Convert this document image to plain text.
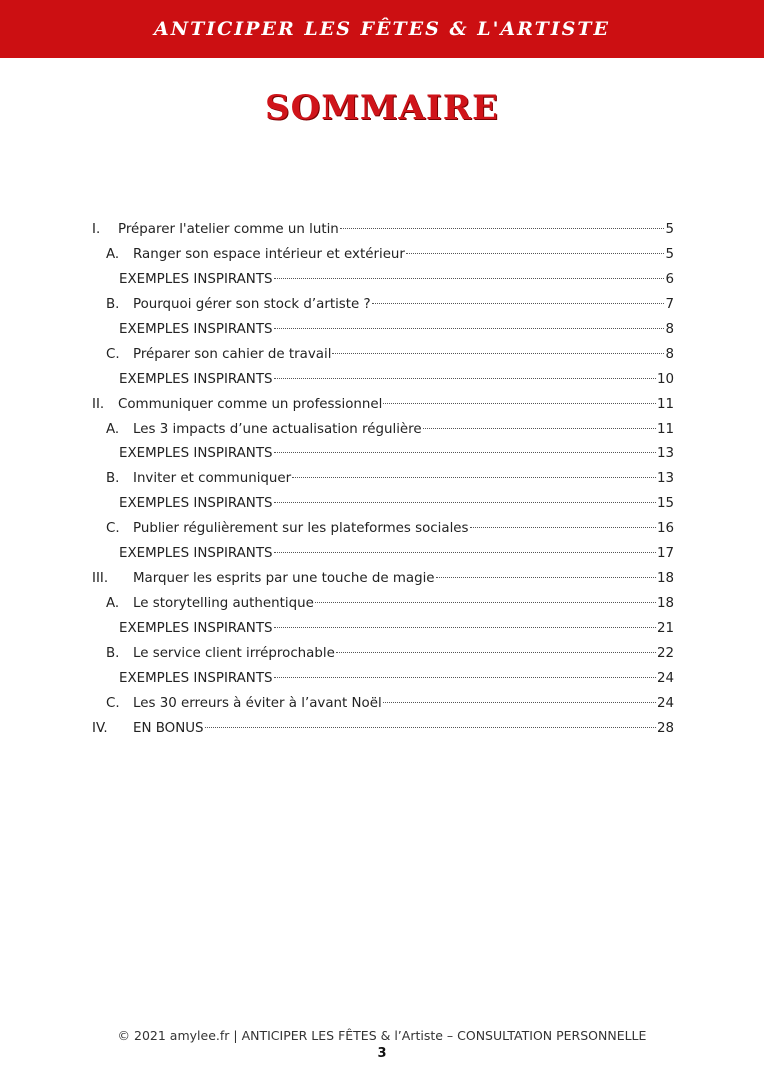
ANTICIPER LES FÊTES & L'ARTISTE
SOMMAIRE
I.	Préparer l'atelier comme un lutin	5
A.	Ranger son espace intérieur et extérieur	5
EXEMPLES INSPIRANTS	6
B.	Pourquoi gérer son stock d’artiste ?	7
EXEMPLES INSPIRANTS	8
C. Préparer son cahier de travail	8
EXEMPLES INSPIRANTS	10
II.	Communiquer comme un professionnel	11
A.	Les 3 impacts d’une actualisation régulière	11
EXEMPLES INSPIRANTS	13
B.	Inviter et communiquer	13
EXEMPLES INSPIRANTS	15
C. Publier régulièrement sur les plateformes sociales	16
EXEMPLES INSPIRANTS	17
III.	Marquer les esprits par une touche de magie	18
A.	Le storytelling authentique	18
EXEMPLES INSPIRANTS	21
B.	Le service client irréprochable	22
EXEMPLES INSPIRANTS	24
C. Les 30 erreurs à éviter à l’avant Noël	24
IV.	EN BONUS	28
© 2021 amylee.fr | ANTICIPER LES FÊTES & l’Artiste – CONSULTATION PERSONNELLE
3
